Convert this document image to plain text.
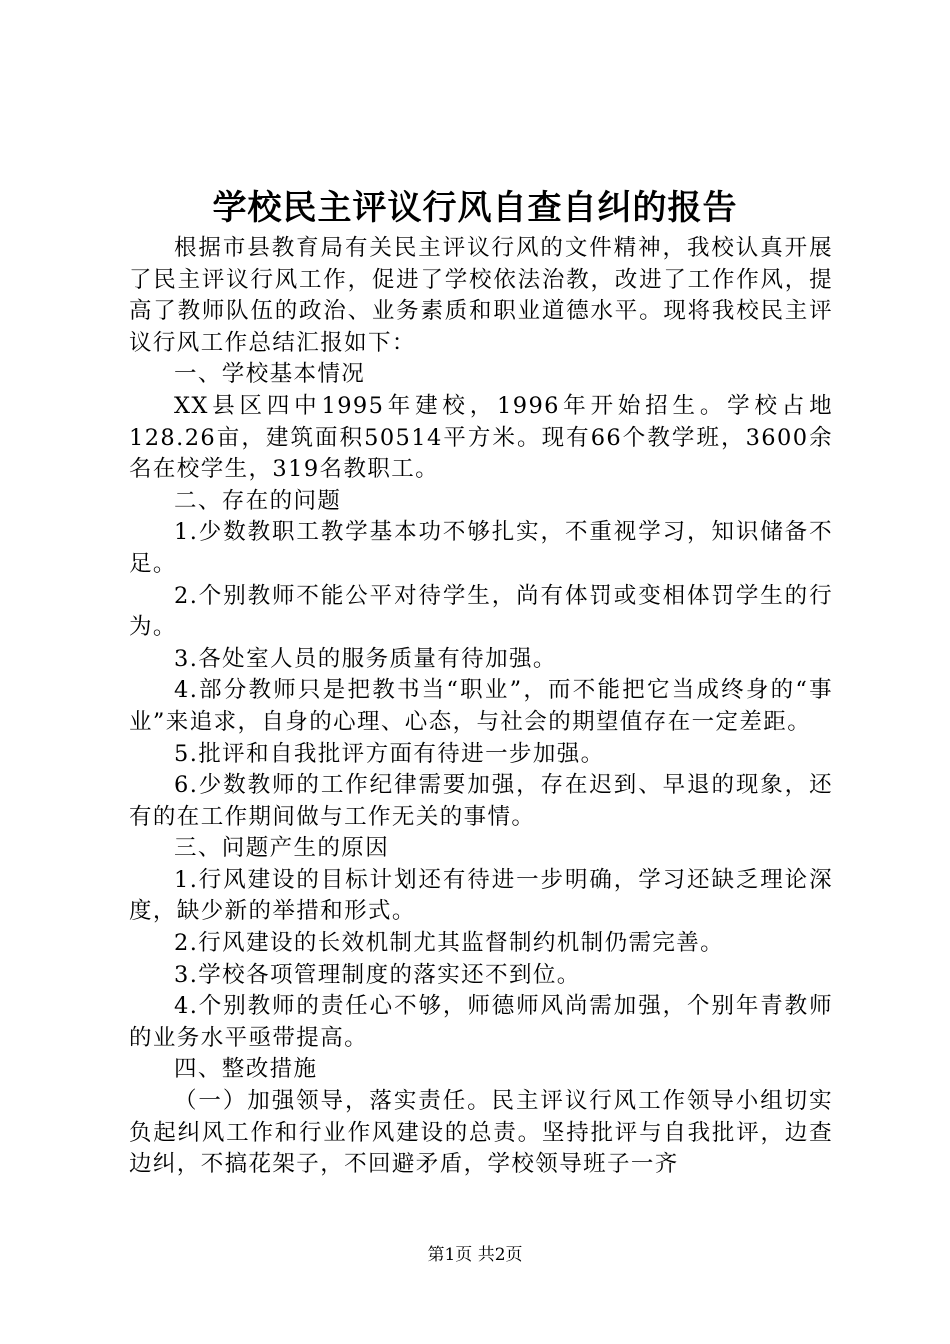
学校民主评议行风自查自纠的报告

根据市县教育局有关民主评议行风的文件精神，我校认真开展了民主评议行风工作，促进了学校依法治教，改进了工作作风，提高了教师队伍的政治、业务素质和职业道德水平。现将我校民主评议行风工作总结汇报如下：

一、学校基本情况

XX县区四中1995年建校，1996年开始招生。学校占地128.26亩，建筑面积50514平方米。现有66个教学班，3600余名在校学生，319名教职工。

二、存在的问题

1.少数教职工教学基本功不够扎实，不重视学习，知识储备不足。

2.个别教师不能公平对待学生，尚有体罚或变相体罚学生的行为。

3.各处室人员的服务质量有待加强。

4.部分教师只是把教书当“职业”，而不能把它当成终身的“事业”来追求，自身的心理、心态，与社会的期望值存在一定差距。

5.批评和自我批评方面有待进一步加强。

6.少数教师的工作纪律需要加强，存在迟到、早退的现象，还有的在工作期间做与工作无关的事情。

三、问题产生的原因

1.行风建设的目标计划还有待进一步明确，学习还缺乏理论深度，缺少新的举措和形式。

2.行风建设的长效机制尤其监督制约机制仍需完善。

3.学校各项管理制度的落实还不到位。

4.个别教师的责任心不够，师德师风尚需加强，个别年青教师的业务水平亟带提高。

四、整改措施

（一）加强领导，落实责任。民主评议行风工作领导小组切实负起纠风工作和行业作风建设的总责。坚持批评与自我批评，边查边纠，不搞花架子，不回避矛盾，学校领导班子一齐

第1页 共2页
